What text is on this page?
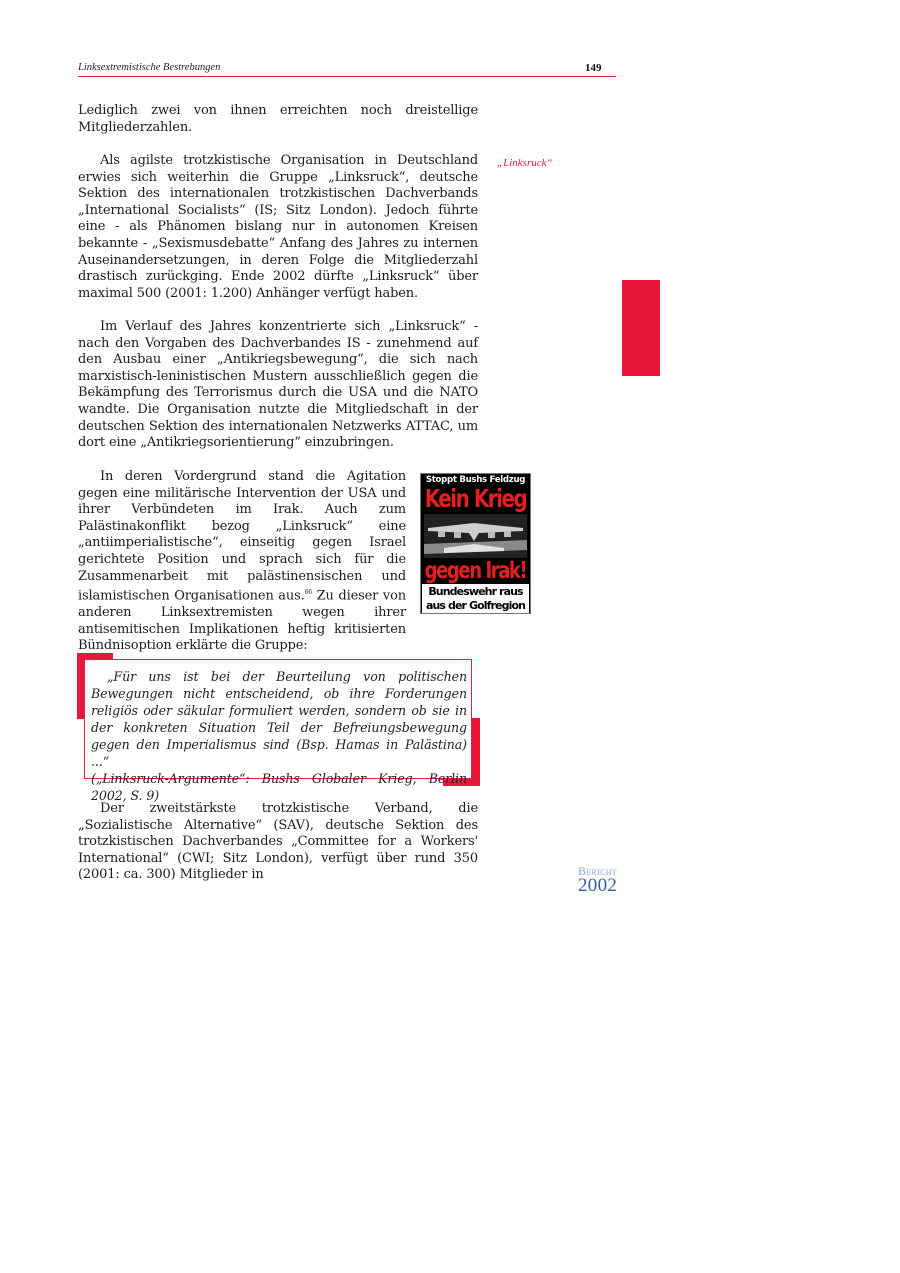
Linksextremistische Bestrebungen	149

Lediglich zwei von ihnen erreichten noch dreistellige Mitgliederzahlen.

Als agilste trotzkistische Organisation in Deutschland erwies sich weiterhin die Gruppe „Linksruck“, deutsche Sektion des internationalen trotzkistischen Dachverbands „International Socialists“ (IS; Sitz London). Jedoch führte eine - als Phänomen bislang nur in autonomen Kreisen bekannte - „Sexismusdebatte“ Anfang des Jahres zu internen Auseinandersetzungen, in deren Folge die Mitgliederzahl drastisch zurückging. Ende 2002 dürfte „Linksruck“ über maximal 500 (2001: 1.200) Anhänger verfügt haben.

„Linksruck“

Im Verlauf des Jahres konzentrierte sich „Linksruck“ - nach den Vorgaben des Dachverbandes IS - zunehmend auf den Ausbau einer „Antikriegsbewegung“, die sich nach marxistisch-leninistischen Mustern ausschließlich gegen die Bekämpfung des Terrorismus durch die USA und die NATO wandte. Die Organisation nutzte die Mitgliedschaft in der deutschen Sektion des internationalen Netzwerks ATTAC, um dort eine „Antikriegsorientierung“ einzubringen.

In deren Vordergrund stand die Agitation gegen eine militärische Intervention der USA und ihrer Verbündeten im Irak. Auch zum Palästinakonflikt bezog „Linksruck“ eine „antiimperialistische“, einseitig gegen Israel gerichtete Position und sprach sich für die Zusammenarbeit mit palästinensischen und islamistischen Organisationen aus.$^{66}$ Zu dieser von anderen Linksextremisten wegen ihrer antisemitischen Implikationen heftig kritisierten Bündnisoption erklärte die Gruppe:

Stoppt Bushs Feldzug
Kein Krieg
gegen Irak!
Bundeswehr raus
aus der Golfregion
„Für uns ist bei der Beurteilung von politischen Bewegungen nicht entscheidend, ob ihre Forderungen religiös oder säkular formuliert werden, sondern ob sie in der konkreten Situation Teil der Befreiungsbewegung gegen den Imperialismus sind (Bsp. Hamas in Palästina) ...“
(„Linksruck-Argumente“: Bushs Globaler Krieg, Berlin 2002, S. 9)

Der zweitstärkste trotzkistische Verband, die „Sozialistische Alternative“ (SAV), deutsche Sektion des trotzkistischen Dachverbandes „Committee for a Workers' International“ (CWI; Sitz London), verfügt über rund 350 (2001: ca. 300) Mitglieder in	Bericht
2002
